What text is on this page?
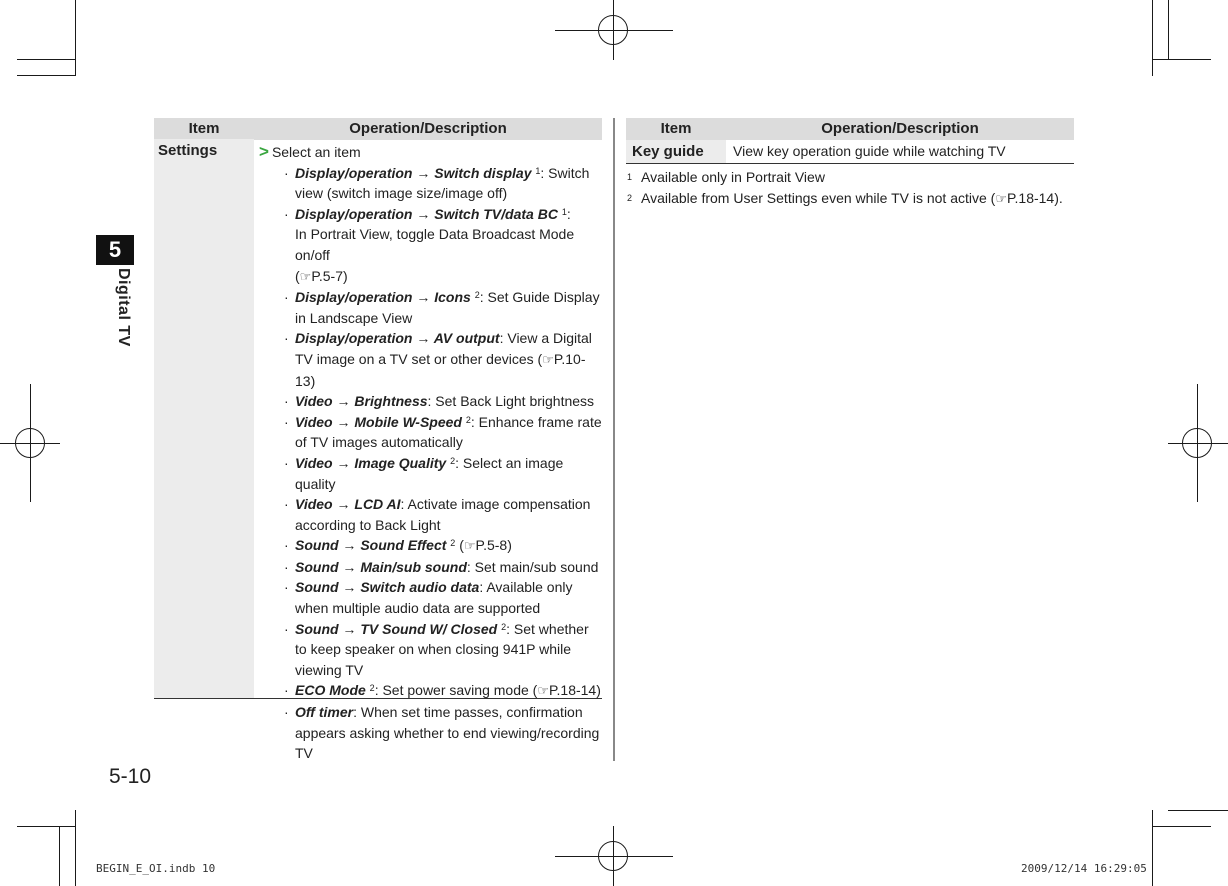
5
Digital TV
5-10
Item	Operation/Description
Settings > Select an item
· Display/operation → Switch display $^1$: Switch view (switch image size/image off)
· Display/operation → Switch TV/data BC $^1$:
In Portrait View, toggle Data Broadcast Mode on/off
(☞P.5-7)
· Display/operation → Icons $^2$: Set Guide Display in Landscape View
· Display/operation → AV output: View a Digital TV image on a TV set or other devices (☞P.10-13)
· Video → Brightness: Set Back Light brightness
· Video → Mobile W-Speed $^2$: Enhance frame rate of TV images automatically
· Video → Image Quality $^2$: Select an image quality
· Video → LCD AI: Activate image compensation according to Back Light
· Sound → Sound Effect $^2$ (☞P.5-8)
· Sound → Main/sub sound: Set main/sub sound
· Sound → Switch audio data: Available only when multiple audio data are supported
· Sound → TV Sound W/ Closed $^2$: Set whether to keep speaker on when closing 941P while viewing TV
· ECO Mode $^2$: Set power saving mode (☞P.18-14)
· Off timer: When set time passes, confirmation appears asking whether to end viewing/recording TV
Item	Operation/Description
Key guide	View key operation guide while watching TV
$^1$ Available only in Portrait View
$^2$ Available from User Settings even while TV is not active (☞P.18-14).
BEGIN_E_OI.indb 10	2009/12/14 16:29:05
